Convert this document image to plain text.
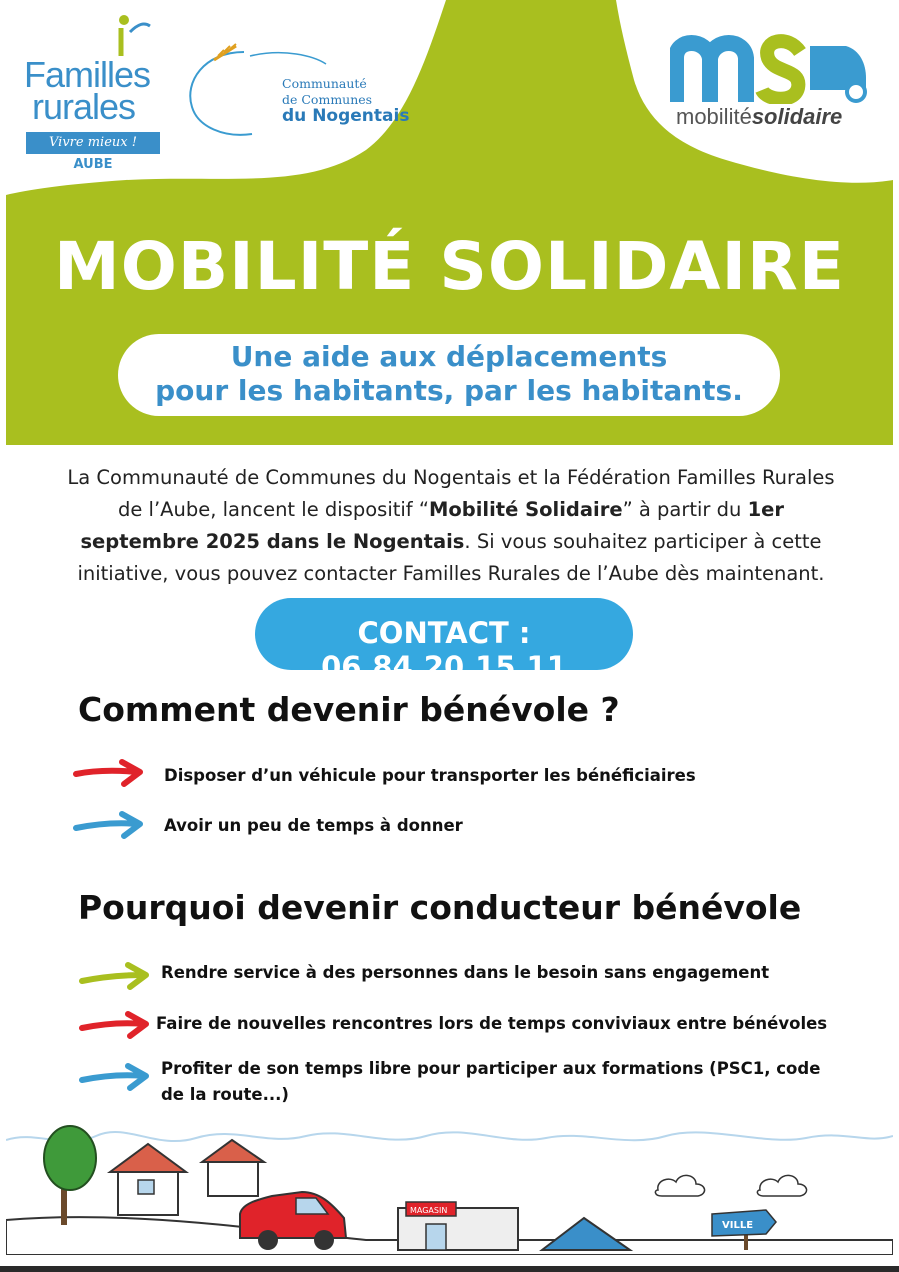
Familles
rurales
Vivre mieux !
AUBE
Communauté
de Communes
du Nogentais	mobilitésolidaire
MOBILITÉ SOLIDAIRE
Une aide aux déplacements
pour les habitants, par les habitants.
La Communauté de Communes du Nogentais et la Fédération Familles Rurales de l’Aube, lancent le dispositif “Mobilité Solidaire” à partir du 1er septembre 2025 dans le Nogentais. Si vous souhaitez participer à cette initiative, vous pouvez contacter Familles Rurales de l’Aube dès maintenant.
CONTACT : 06.84.20.15.11
Comment devenir bénévole ?
Disposer d’un véhicule pour transporter les bénéficiaires
Avoir un peu de temps à donner
Pourquoi devenir conducteur bénévole
Rendre service à des personnes dans le besoin sans engagement
Faire de nouvelles rencontres lors de temps conviviaux entre bénévoles
Profiter de son temps libre pour participer aux formations (PSC1, code de la route...)
MAGASIN
VILLE
